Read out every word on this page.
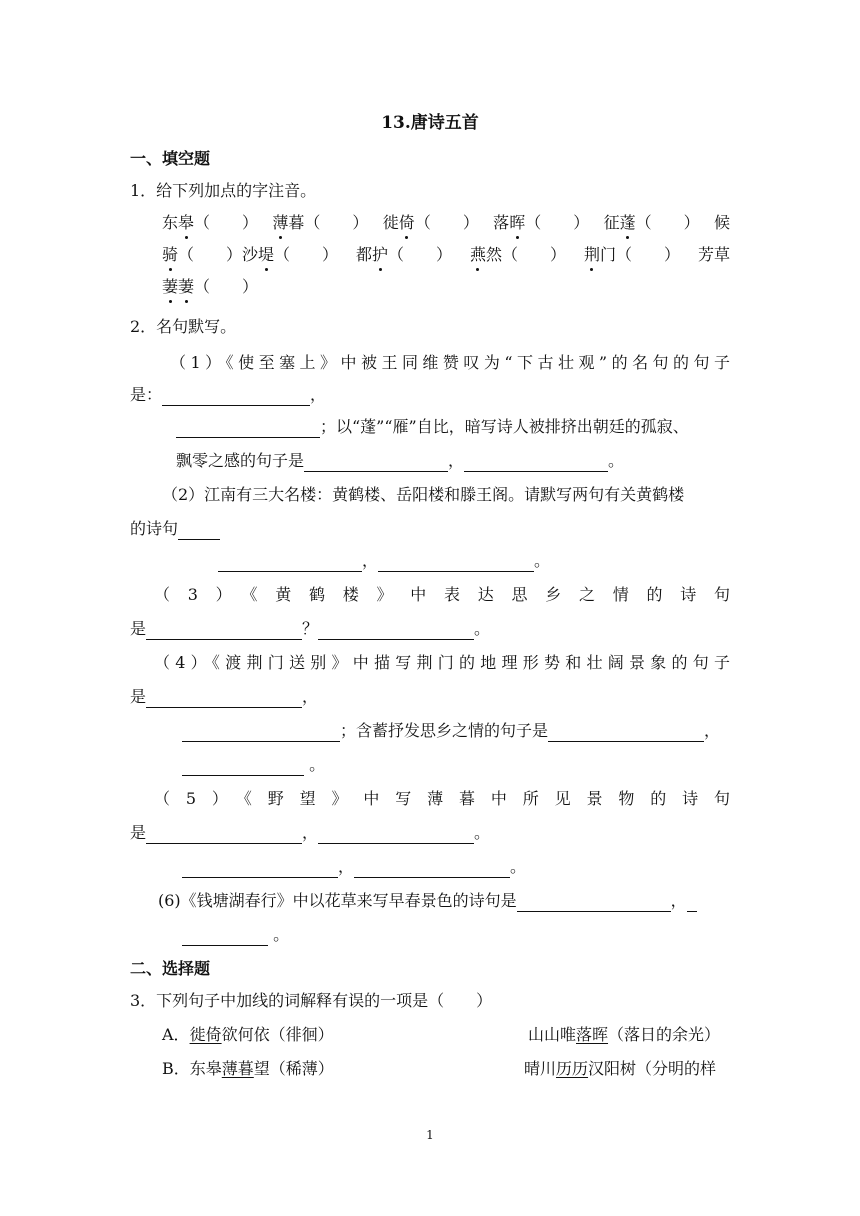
13.唐诗五首
一、填空题
1．给下列加点的字注音。
东皋（　　） 薄暮（　　） 徙倚（　　） 落晖（　　） 征蓬（　　） 候
骑（　　）沙堤（　　） 都护（　　） 燕然（　　） 荆门（　　） 芳草
萋萋（　　）
2．名句默写。
（1）《使至塞上》中被王同维赞叹为“下古壮观”的名句的句子
是：	，
；以“蓬”“雁”自比，暗写诗人被排挤出朝廷的孤寂、
飘零之感的句子是	，	。
（2）江南有三大名楼：黄鹤楼、岳阳楼和滕王阁。请默写两句有关黄鹤楼
的诗句
，	。
（3）《黄鹤楼》中表达思乡之情的诗句
是	？	。
（4）《渡荆门送别》中描写荆门的地理形势和壮阔景象的句子
是	，
；含蓄抒发思乡之情的句子是	，
。
（5）《野望》中写薄暮中所见景物的诗句
是	，	。
，	。
(6)《钱塘湖春行》中以花草来写早春景色的诗句是	，
。
二、选择题
3．下列句子中加线的词解释有误的一项是（　　）
A．徙倚欲何依（徘徊）	山山唯落晖（落日的余光）
B．东皋薄暮望（稀薄）	晴川历历汉阳树（分明的样
1
